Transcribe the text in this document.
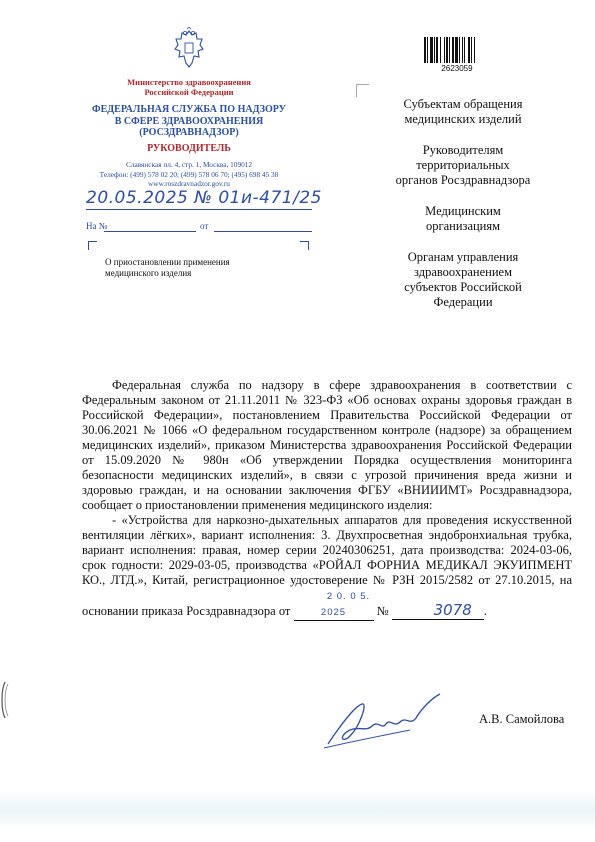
Министерство здравоохранения
Российской Федерации
ФЕДЕРАЛЬНАЯ СЛУЖБА ПО НАДЗОРУ
В СФЕРЕ ЗДРАВООХРАНЕНИЯ
(РОСЗДРАВНАДЗОР)
РУКОВОДИТЕЛЬ
Славянская пл. 4, стр. 1, Москва, 109012
Телефон: (499) 578 02 20; (499) 578 06 70; (495) 698 45 38
www.roszdravnadzor.gov.ru
20.05.2025 № 01и-471/25
На №	от
О приостановлении применения
медицинского изделия
2623059

Субъектам обращения
медицинских изделий

Руководителям
территориальных
органов Росздравнадзора

Медицинским
организациям

Органам управления
здравоохранением
субъектов Российской
Федерации

Федеральная служба по надзору в сфере здравоохранения в соответствии с Федеральным законом от 21.11.2011 № 323-ФЗ «Об основах охраны здоровья граждан в Российской Федерации», постановлением Правительства Российской Федерации от 30.06.2021 № 1066 «О федеральном государственном контроле (надзоре) за обращением медицинских изделий», приказом Министерства здравоохранения Российской Федерации от 15.09.2020 № 980н «Об утверждении Порядка осуществления мониторинга безопасности медицинских изделий», в связи с угрозой причинения вреда жизни и здоровью граждан, и на основании заключения ФГБУ «ВНИИИМТ» Росздравнадзора, сообщает о приостановлении применения медицинского изделия:

- «Устройства для наркозно-дыхательных аппаратов для проведения искусственной вентиляции лёгких», вариант исполнения: 3. Двухпросветная эндобронхиальная трубка, вариант исполнения: правая, номер серии 20240306251, дата производства: 2024-03-06, срок годности: 2029-03-05, производства «РОЙАЛ ФОРНИА МЕДИКАЛ ЭКУИПМЕНТ КО., ЛТД.», Китай, регистрационное удостоверение № РЗН 2015/2582 от 27.10.2015, на основании приказа Росздравнадзора от 2 0. 0 5. 2025 №	3078 .

А.В. Самойлова
